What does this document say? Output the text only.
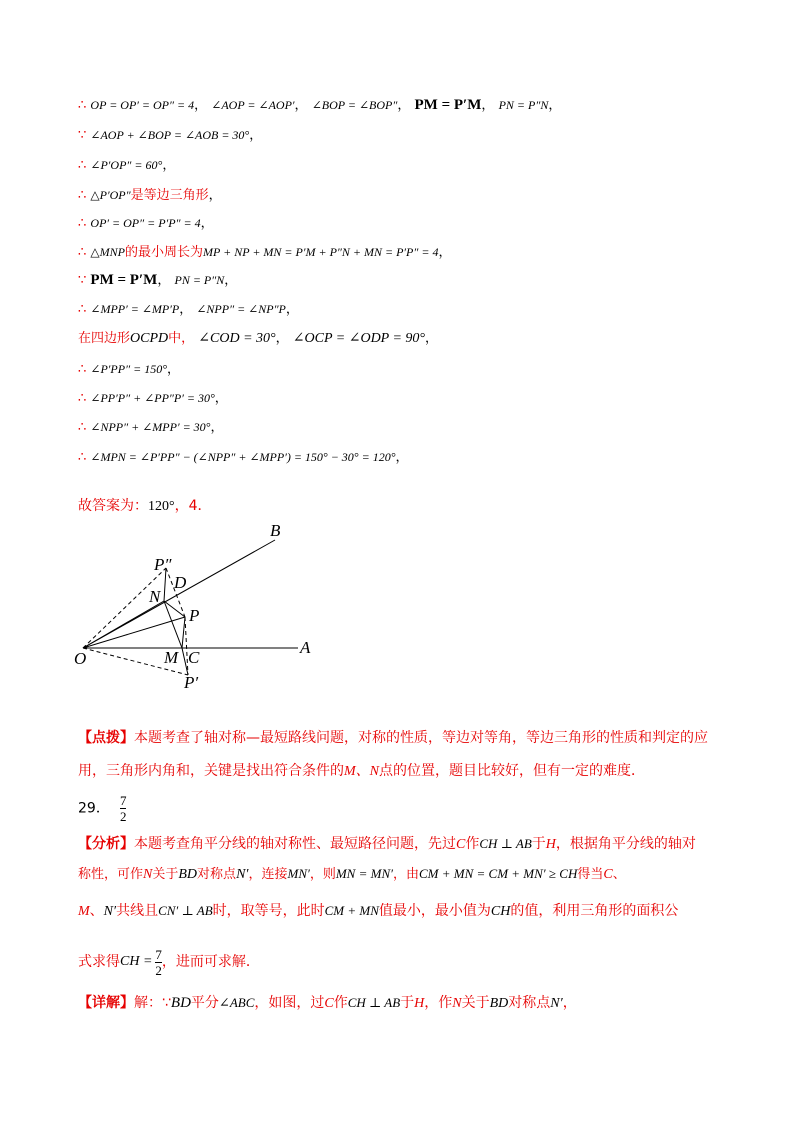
∴ OP = OP′ = OP″ = 4， ∠AOP = ∠AOP′， ∠BOP = ∠BOP″， PM = P′M， PN = P″N，
∵ ∠AOP + ∠BOP = ∠AOB = 30°，
∴ ∠P′OP″ = 60°，
∴ △P′OP″是等边三角形，
∴ OP′ = OP″ = P′P″ = 4，
∴ △MNP的最小周长为MP + NP + MN = P′M + P″N + MN = P′P″ = 4，
∵ PM = P′M， PN = P″N，
∴ ∠MPP′ = ∠MP′P， ∠NPP″ = ∠NP″P，
在四边形OCPD中， ∠COD = 30°， ∠OCP = ∠ODP = 90°，
∴ ∠P′PP″ = 150°，
∴ ∠PP′P″ + ∠PP″P′ = 30°，
∴ ∠NPP″ + ∠MPP′ = 30°，
∴ ∠MPN = ∠P′PP″ − (∠NPP″ + ∠MPP′) = 150° − 30° = 120°，
故答案为：120°，4．
B
A
O
P″
D
N
P
M C
P′
【点拨】本题考查了轴对称—最短路线问题，对称的性质，等边对等角，等边三角形的性质和判定的应
用，三角形内角和，关键是找出符合条件的M、N点的位置，题目比较好，但有一定的难度．
29． $\frac{7}{2}$
【分析】本题考查角平分线的轴对称性、最短路径问题，先过C作CH ⊥ AB于H，根据角平分线的轴对
称性，可作N关于BD对称点N′，连接MN′，则MN = MN′，由CM + MN = CM + MN′ ≥ CH得当C、
M、N′共线且CN′ ⊥ AB时，取等号，此时CM + MN值最小，最小值为CH的值，利用三角形的面积公
式求得 CH = $\frac{7}{2}$ ，进而可求解．
【详解】解：∵BD平分∠ABC，如图，过C作CH ⊥ AB于H，作N关于BD对称点N′，
